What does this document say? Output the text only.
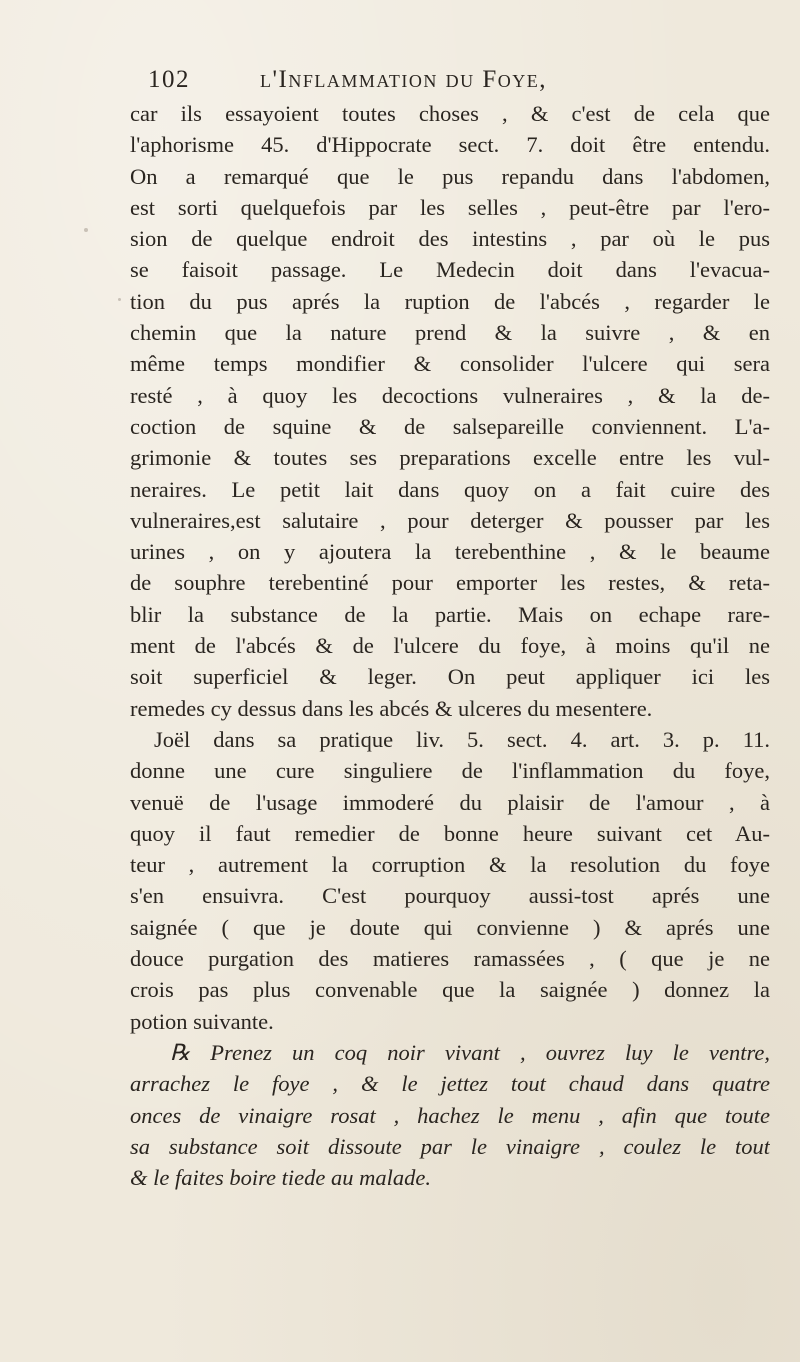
102	l'Inflammation du Foye,
car ils essayoient toutes choses , & c'est de cela que
l'aphorisme 45. d'Hippocrate sect. 7. doit être entendu.
On a remarqué que le pus repandu dans l'abdomen,
est sorti quelquefois par les selles , peut-être par l'ero-
sion de quelque endroit des intestins , par où le pus
se faisoit passage. Le Medecin doit dans l'evacua-
tion du pus aprés la ruption de l'abcés , regarder le
chemin que la nature prend & la suivre , & en
même temps mondifier & consolider l'ulcere qui sera
resté , à quoy les decoctions vulneraires , & la de-
coction de squine & de salsepareille conviennent. L'a-
grimonie & toutes ses preparations excelle entre les vul-
neraires. Le petit lait dans quoy on a fait cuire des
vulneraires,est salutaire , pour deterger & pousser par les
urines , on y ajoutera la terebenthine , & le beaume
de souphre terebentiné pour emporter les restes, & reta-
blir la substance de la partie. Mais on echape rare-
ment de l'abcés & de l'ulcere du foye, à moins qu'il ne
soit superficiel & leger. On peut appliquer ici les
remedes cy dessus dans les abcés & ulceres du mesentere.
Joël dans sa pratique liv. 5. sect. 4. art. 3. p. 11.
donne une cure singuliere de l'inflammation du foye,
venuë de l'usage immoderé du plaisir de l'amour , à
quoy il faut remedier de bonne heure suivant cet Au-
teur , autrement la corruption & la resolution du foye
s'en ensuivra. C'est pourquoy aussi-tost aprés une
saignée ( que je doute qui convienne ) & aprés une
douce purgation des matieres ramassées , ( que je ne
crois pas plus convenable que la saignée ) donnez la
potion suivante.
℞ Prenez un coq noir vivant , ouvrez luy le ventre,
arrachez le foye , & le jettez tout chaud dans quatre
onces de vinaigre rosat , hachez le menu , afin que toute
sa substance soit dissoute par le vinaigre , coulez le tout
& le faites boire tiede au malade.
